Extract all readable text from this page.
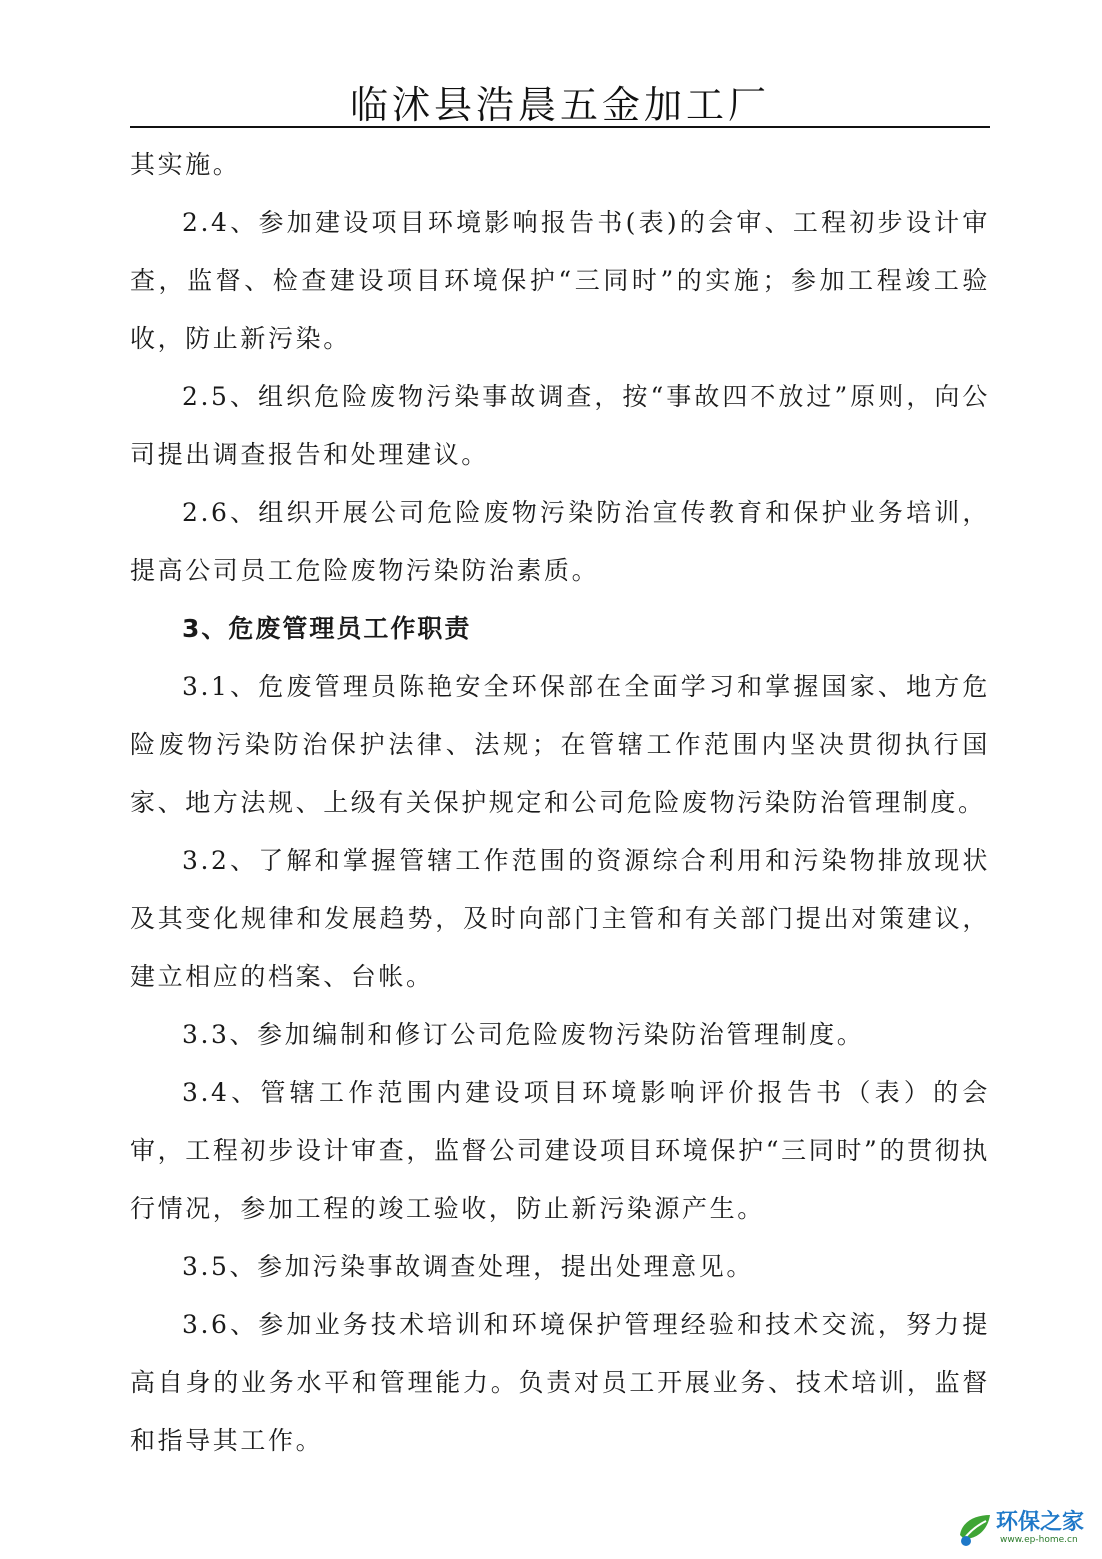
临沭县浩晨五金加工厂

其实施。

2.4、参加建设项目环境影响报告书(表)的会审、工程初步设计审查，监督、检查建设项目环境保护“三同时”的实施；参加工程竣工验收，防止新污染。

2.5、组织危险废物污染事故调查，按“事故四不放过”原则，向公司提出调查报告和处理建议。

2.6、组织开展公司危险废物污染防治宣传教育和保护业务培训，提高公司员工危险废物污染防治素质。

3、危废管理员工作职责

3.1、危废管理员陈艳安全环保部在全面学习和掌握国家、地方危险废物污染防治保护法律、法规；在管辖工作范围内坚决贯彻执行国家、地方法规、上级有关保护规定和公司危险废物污染防治管理制度。

3.2、了解和掌握管辖工作范围的资源综合利用和污染物排放现状及其变化规律和发展趋势，及时向部门主管和有关部门提出对策建议，建立相应的档案、台帐。

3.3、参加编制和修订公司危险废物污染防治管理制度。

3.4、管辖工作范围内建设项目环境影响评价报告书（表）的会审，工程初步设计审查，监督公司建设项目环境保护“三同时”的贯彻执行情况，参加工程的竣工验收，防止新污染源产生。

3.5、参加污染事故调查处理，提出处理意见。

3.6、参加业务技术培训和环境保护管理经验和技术交流，努力提高自身的业务水平和管理能力。负责对员工开展业务、技术培训，监督和指导其工作。

环保之家
www.ep-home.cn
